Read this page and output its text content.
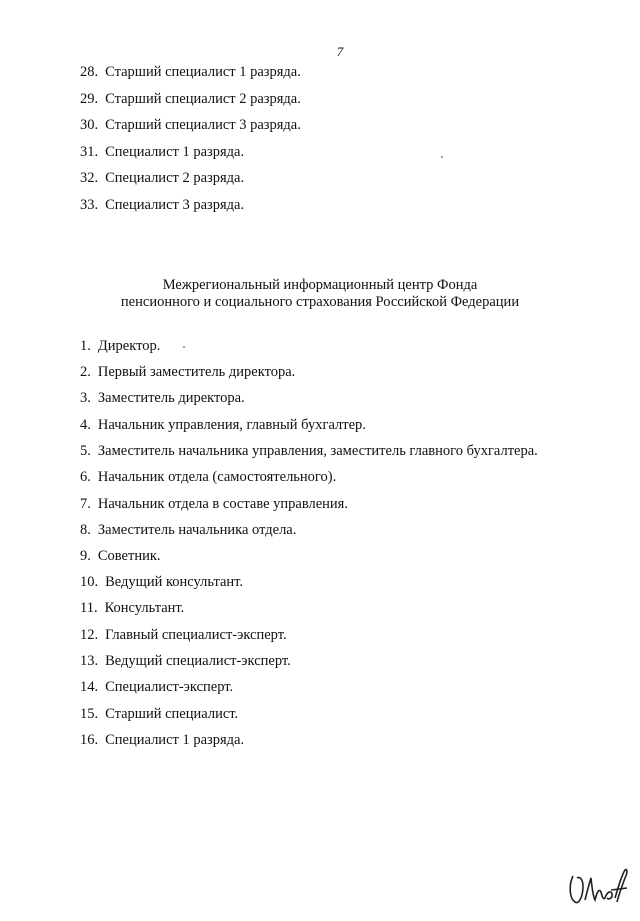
7
28. Старший специалист 1 разряда.
29. Старший специалист 2 разряда.
30. Старший специалист 3 разряда.
31. Специалист 1 разряда.
32. Специалист 2 разряда.
33. Специалист 3 разряда.
Межрегиональный информационный центр Фонда
пенсионного и социального страхования Российской Федерации
1. Директор.
2. Первый заместитель директора.
3. Заместитель директора.
4. Начальник управления, главный бухгалтер.
5. Заместитель начальника управления, заместитель главного бухгалтера.
6. Начальник отдела (самостоятельного).
7. Начальник отдела в составе управления.
8. Заместитель начальника отдела.
9. Советник.
10. Ведущий консультант.
11. Консультант.
12. Главный специалист-эксперт.
13. Ведущий специалист-эксперт.
14. Специалист-эксперт.
15. Старший специалист.
16. Специалист 1 разряда.
